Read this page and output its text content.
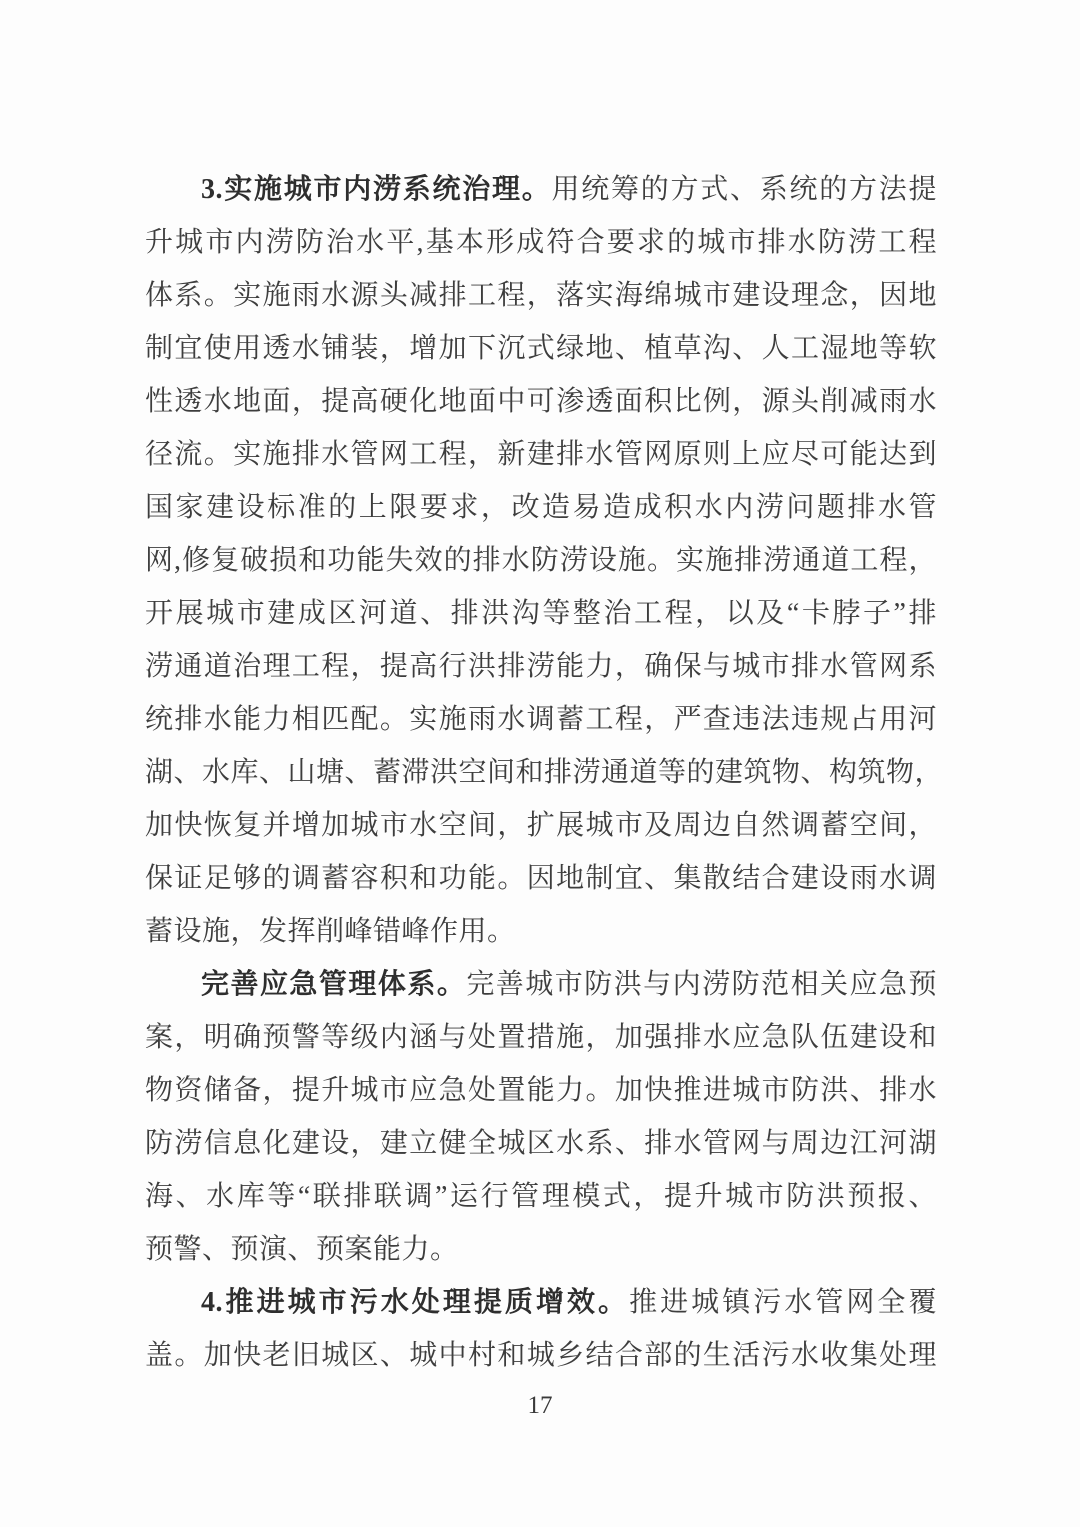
3.实施城市内涝系统治理。用统筹的方式、系统的方法提
升城市内涝防治水平,基本形成符合要求的城市排水防涝工程
体系。实施雨水源头减排工程，落实海绵城市建设理念，因地
制宜使用透水铺装，增加下沉式绿地、植草沟、人工湿地等软
性透水地面，提高硬化地面中可渗透面积比例，源头削减雨水
径流。实施排水管网工程，新建排水管网原则上应尽可能达到
国家建设标准的上限要求，改造易造成积水内涝问题排水管
网,修复破损和功能失效的排水防涝设施。实施排涝通道工程，
开展城市建成区河道、排洪沟等整治工程，以及“卡脖子”排
涝通道治理工程，提高行洪排涝能力，确保与城市排水管网系
统排水能力相匹配。实施雨水调蓄工程，严查违法违规占用河
湖、水库、山塘、蓄滞洪空间和排涝通道等的建筑物、构筑物，
加快恢复并增加城市水空间，扩展城市及周边自然调蓄空间，
保证足够的调蓄容积和功能。因地制宜、集散结合建设雨水调
蓄设施，发挥削峰错峰作用。
完善应急管理体系。完善城市防洪与内涝防范相关应急预
案，明确预警等级内涵与处置措施，加强排水应急队伍建设和
物资储备，提升城市应急处置能力。加快推进城市防洪、排水
防涝信息化建设，建立健全城区水系、排水管网与周边江河湖
海、水库等“联排联调”运行管理模式，提升城市防洪预报、
预警、预演、预案能力。
4.推进城市污水处理提质增效。推进城镇污水管网全覆
盖。加快老旧城区、城中村和城乡结合部的生活污水收集处理
17
